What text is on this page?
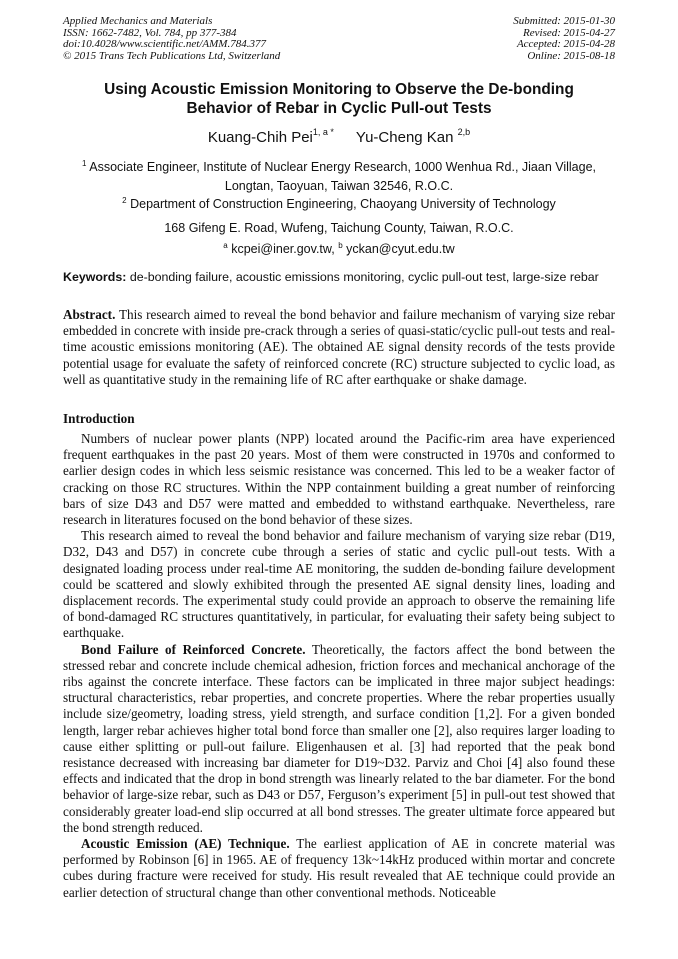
Applied Mechanics and Materials
ISSN: 1662-7482, Vol. 784, pp 377-384
doi:10.4028/www.scientific.net/AMM.784.377
© 2015 Trans Tech Publications Ltd, Switzerland
Submitted: 2015-01-30
Revised: 2015-04-27
Accepted: 2015-04-28
Online: 2015-08-18
Using Acoustic Emission Monitoring to Observe the De-bonding
Behavior of Rebar in Cyclic Pull-out Tests
Kuang-Chih Pei$^{1, a *}$ Yu-Cheng Kan $^{2,b}$
$^1$ Associate Engineer, Institute of Nuclear Energy Research, 1000 Wenhua Rd., Jiaan Village,
Longtan, Taoyuan, Taiwan 32546, R.O.C.
$^2$ Department of Construction Engineering, Chaoyang University of Technology
168 Gifeng E. Road, Wufeng, Taichung County, Taiwan, R.O.C.
$^a$ kcpei@iner.gov.tw, $^b$ yckan@cyut.edu.tw
Keywords: de-bonding failure, acoustic emissions monitoring, cyclic pull-out test, large-size rebar

Abstract. This research aimed to reveal the bond behavior and failure mechanism of varying size rebar embedded in concrete with inside pre-crack through a series of quasi-static/cyclic pull-out tests and real-time acoustic emissions monitoring (AE). The obtained AE signal density records of the tests provide potential usage for evaluate the safety of reinforced concrete (RC) structure subjected to cyclic load, as well as quantitative study in the remaining life of RC after earthquake or shake damage.

Introduction

Numbers of nuclear power plants (NPP) located around the Pacific-rim area have experienced frequent earthquakes in the past 20 years. Most of them were constructed in 1970s and conformed to earlier design codes in which less seismic resistance was concerned. This led to be a weaker factor of cracking on those RC structures. Within the NPP containment building a great number of reinforcing bars of size D43 and D57 were matted and embedded to withstand earthquake. Nevertheless, rare research in literatures focused on the bond behavior of these sizes.

This research aimed to reveal the bond behavior and failure mechanism of varying size rebar (D19, D32, D43 and D57) in concrete cube through a series of static and cyclic pull-out tests. With a designated loading process under real-time AE monitoring, the sudden de-bonding failure development could be scattered and slowly exhibited through the presented AE signal density lines, loading and displacement records. The experimental study could provide an approach to observe the remaining life of bond-damaged RC structures quantitatively, in particular, for evaluating their safety being subject to earthquake.

Bond Failure of Reinforced Concrete. Theoretically, the factors affect the bond between the stressed rebar and concrete include chemical adhesion, friction forces and mechanical anchorage of the ribs against the concrete interface. These factors can be implicated in three major subject headings: structural characteristics, rebar properties, and concrete properties. Where the rebar properties usually include size/geometry, loading stress, yield strength, and surface condition [1,2]. For a given bonded length, larger rebar achieves higher total bond force than smaller one [2], also requires larger loading to cause either splitting or pull-out failure. Eligenhausen et al. [3] had reported that the peak bond resistance decreased with increasing bar diameter for D19~D32. Parviz and Choi [4] also found these effects and indicated that the drop in bond strength was linearly related to the bar diameter. For the bond behavior of large-size rebar, such as D43 or D57, Ferguson’s experiment [5] in pull-out test showed that considerably greater load-end slip occurred at all bond stresses. The greater ultimate force appeared but the bond strength reduced.

Acoustic Emission (AE) Technique. The earliest application of AE in concrete material was performed by Robinson [6] in 1965. AE of frequency 13k~14kHz produced within mortar and concrete cubes during fracture were received for study. His result revealed that AE technique could provide an earlier detection of structural change than other conventional methods. Noticeable
